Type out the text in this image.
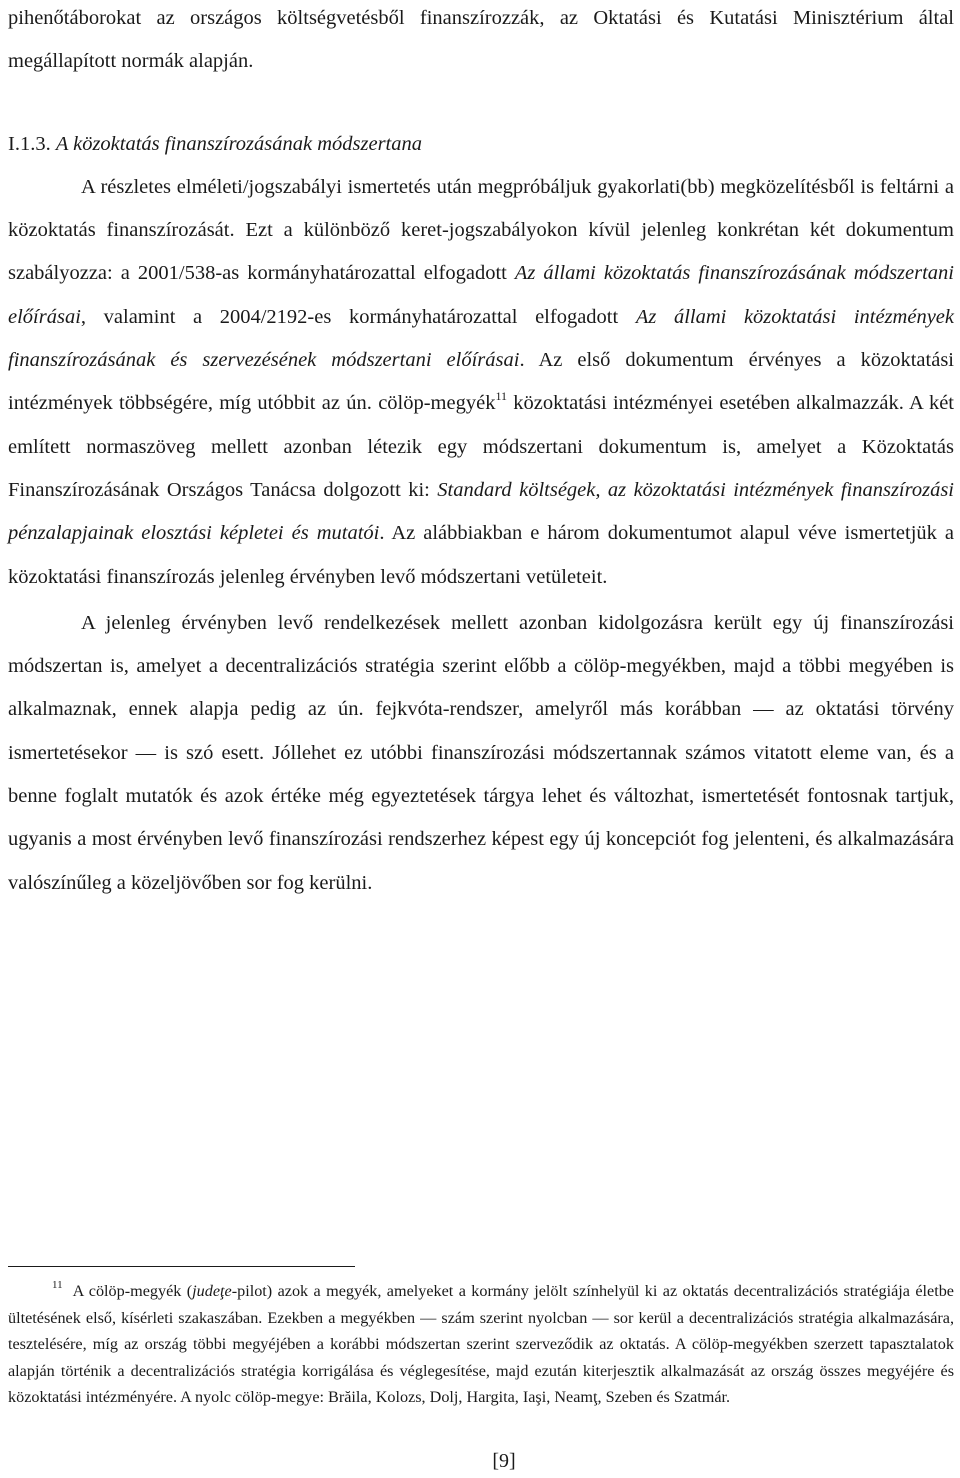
pihenőtáborokat az országos költségvetésből finanszírozzák, az Oktatási és Kutatási Minisztérium által megállapított normák alapján.

I.1.3. A közoktatás finanszírozásának módszertana

A részletes elméleti/jogszabályi ismertetés után megpróbáljuk gyakorlati(bb) megközelítésből is feltárni a közoktatás finanszírozását. Ezt a különböző keret-jogszabályokon kívül jelenleg konkrétan két dokumentum szabályozza: a 2001/538-as kormányhatározattal elfogadott Az állami közoktatás finanszírozásának módszertani előírásai, valamint a 2004/2192-es kormányhatározattal elfogadott Az állami közoktatási intézmények finanszírozásának és szervezésének módszertani előírásai. Az első dokumentum érvényes a közoktatási intézmények többségére, míg utóbbit az ún. cölöp-megyék$^{11}$ közoktatási intézményei esetében alkalmazzák. A két említett normaszöveg mellett azonban létezik egy módszertani dokumentum is, amelyet a Közoktatás Finanszírozásának Országos Tanácsa dolgozott ki: Standard költségek, az közoktatási intézmények finanszírozási pénzalapjainak elosztási képletei és mutatói. Az alábbiakban e három dokumentumot alapul véve ismertetjük a közoktatási finanszírozás jelenleg érvényben levő módszertani vetületeit.

A jelenleg érvényben levő rendelkezések mellett azonban kidolgozásra került egy új finanszírozási módszertan is, amelyet a decentralizációs stratégia szerint előbb a cölöp-megyékben, majd a többi megyében is alkalmaznak, ennek alapja pedig az ún. fejkvóta-rendszer, amelyről más korábban — az oktatási törvény ismertetésekor — is szó esett. Jóllehet ez utóbbi finanszírozási módszertannak számos vitatott eleme van, és a benne foglalt mutatók és azok értéke még egyeztetések tárgya lehet és változhat, ismertetését fontosnak tartjuk, ugyanis a most érvényben levő finanszírozási rendszerhez képest egy új koncepciót fog jelenteni, és alkalmazására valószínűleg a közeljövőben sor fog kerülni.

$^{11}$ A cölöp-megyék (judeţe-pilot) azok a megyék, amelyeket a kormány jelölt színhelyül ki az oktatás decentralizációs stratégiája életbe ültetésének első, kísérleti szakaszában. Ezekben a megyékben — szám szerint nyolcban — sor kerül a decentralizációs stratégia alkalmazására, tesztelésére, míg az ország többi megyéjében a korábbi módszertan szerint szerveződik az oktatás. A cölöp-megyékben szerzett tapasztalatok alapján történik a decentralizációs stratégia korrigálása és véglegesítése, majd ezután kiterjesztik alkalmazását az ország összes megyéjére és közoktatási intézményére. A nyolc cölöp-megye: Brăila, Kolozs, Dolj, Hargita, Iaşi, Neamţ, Szeben és Szatmár.

[9]
